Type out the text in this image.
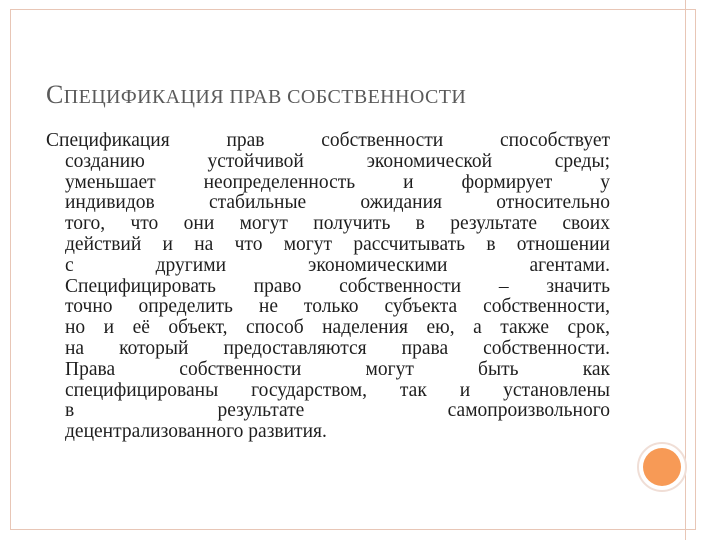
СПЕЦИФИКАЦИЯ ПРАВ СОБСТВЕННОСТИ
Спецификация прав собственности способствует
созданию устойчивой экономической среды;
уменьшает неопределенность и формирует у
индивидов стабильные ожидания относительно
того, что они могут получить в результате своих
действий и на что могут рассчитывать в отношении
с другими экономическими агентами.
Специфицировать право собственности – значить
точно определить не только субъекта собственности,
но и её объект, способ наделения ею, а также срок,
на который предоставляются права собственности.
Права собственности могут быть как
специфицированы государством, так и установлены
в результате самопроизвольного
децентрализованного развития.
